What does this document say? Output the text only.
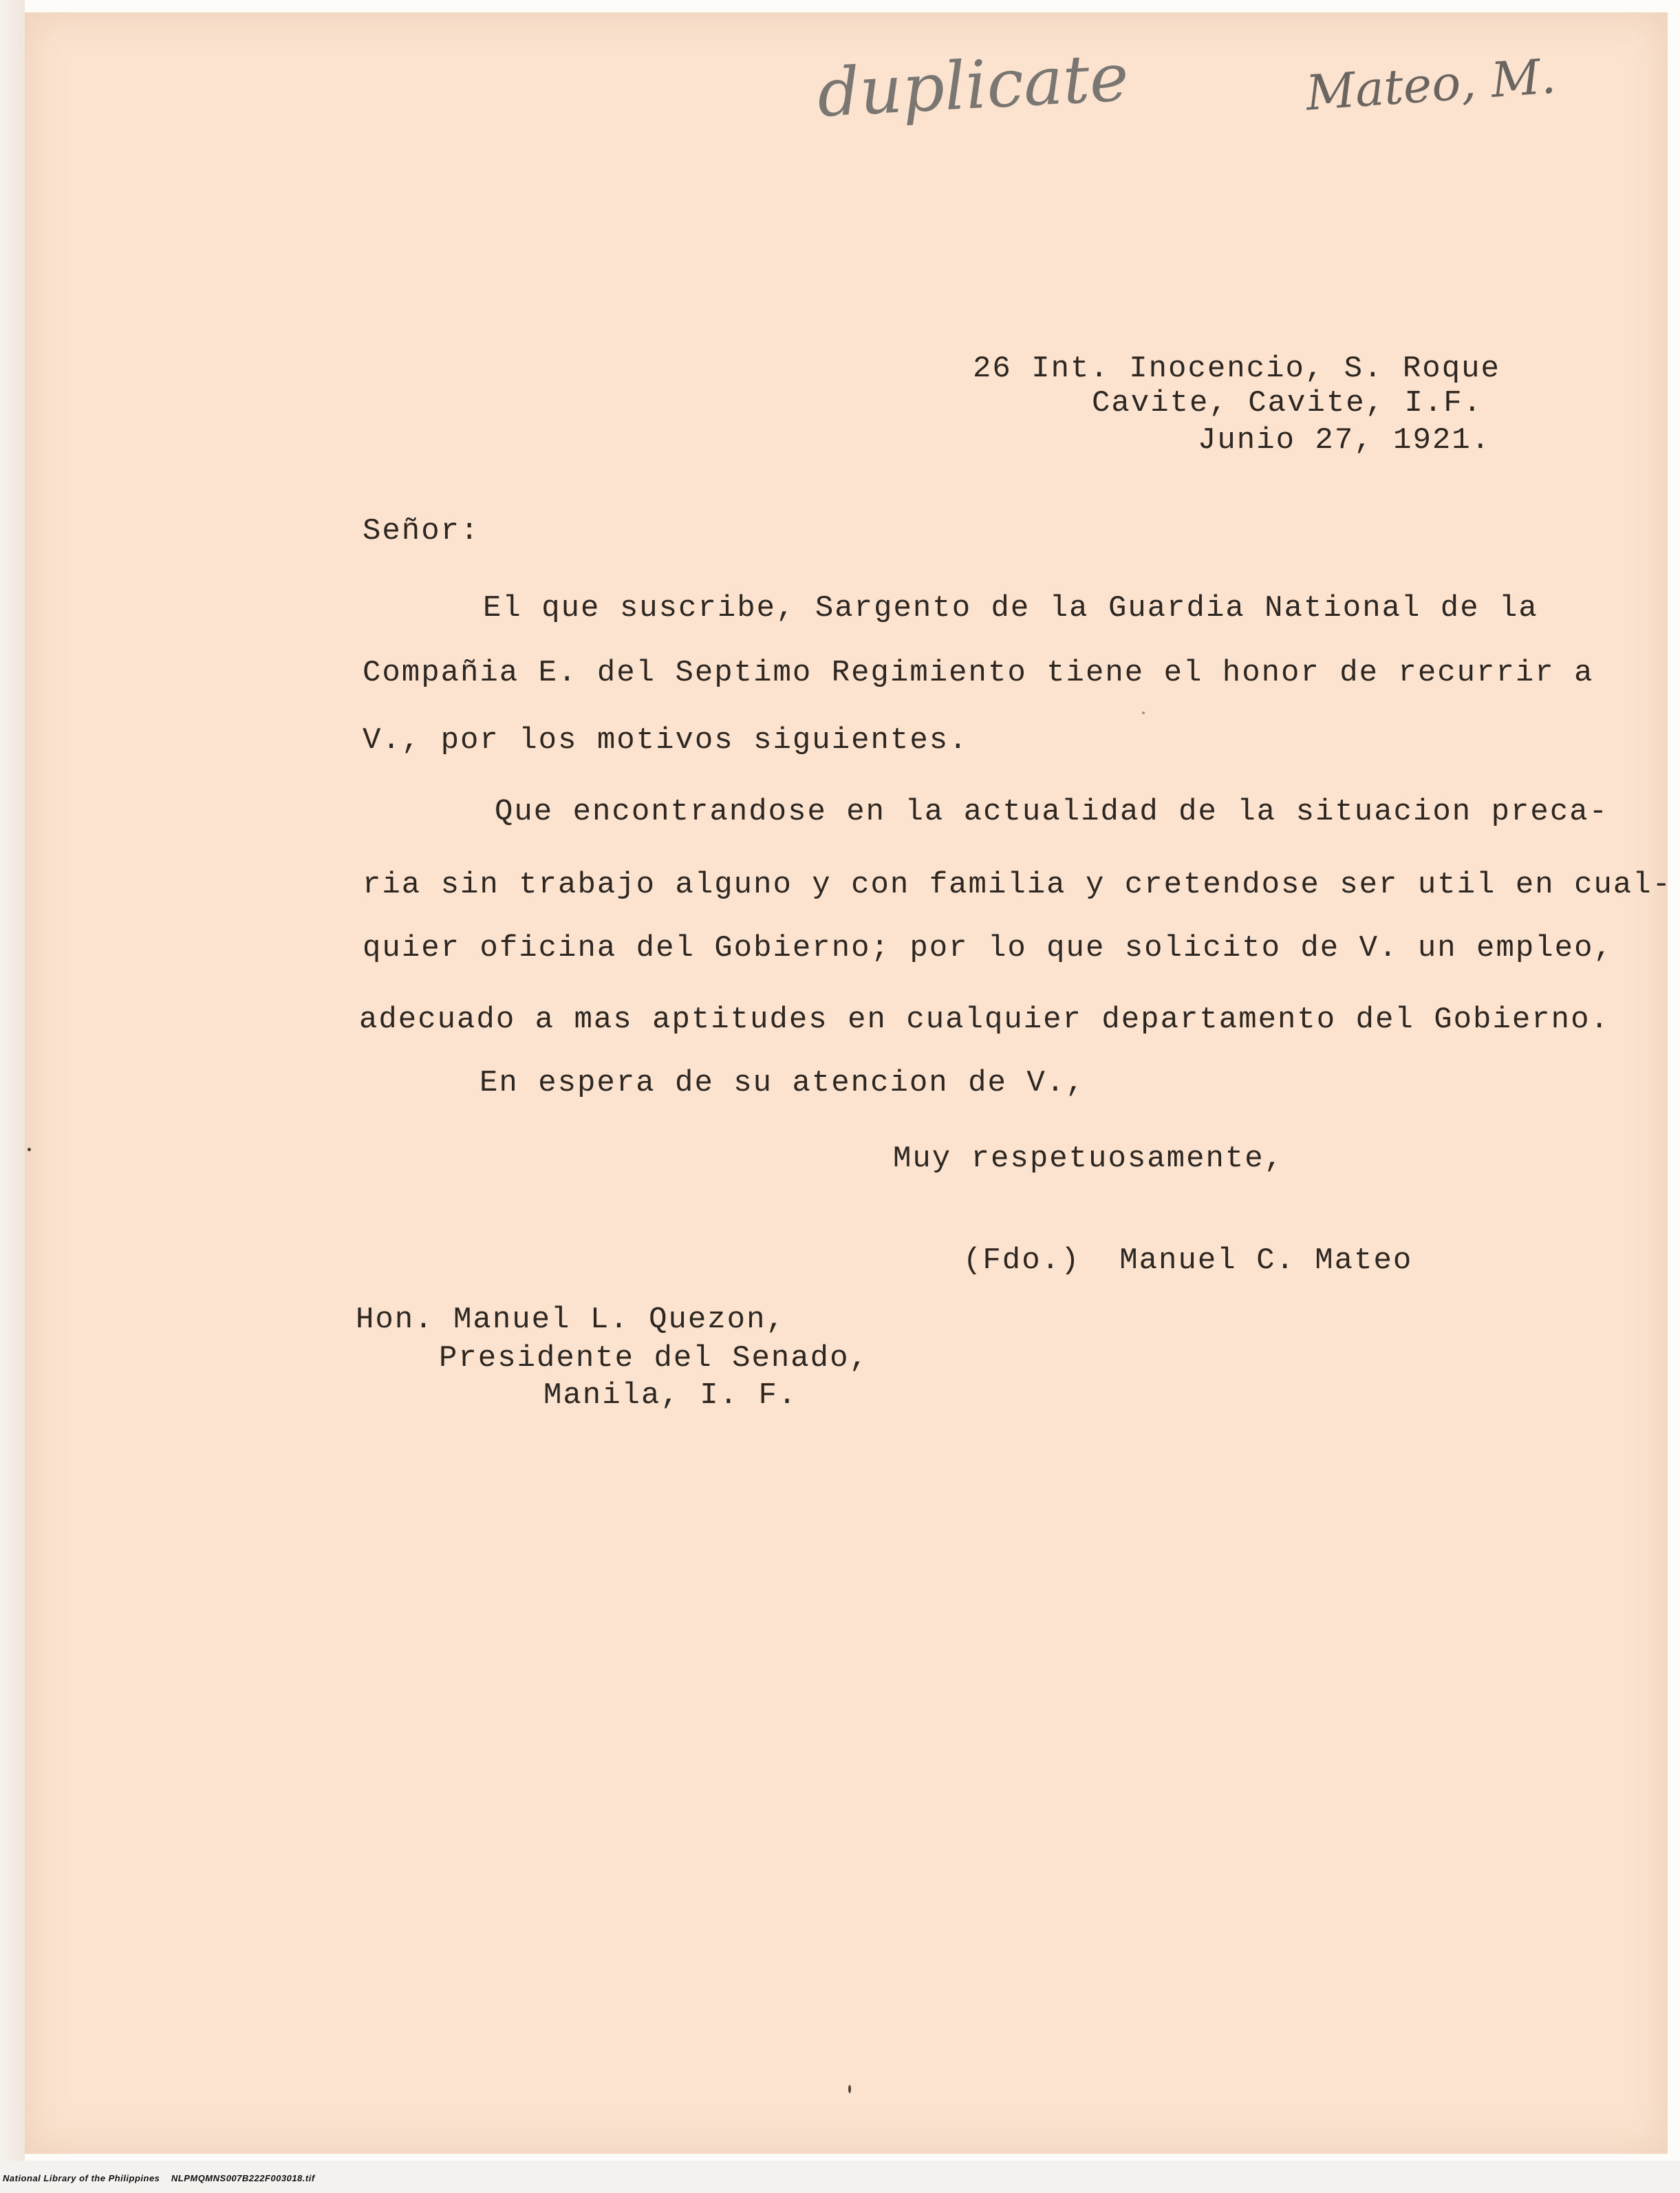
duplicate	Mateo, M.
26 Int. Inocencio, S. Roque
Cavite, Cavite, I.F.
Junio 27, 1921.
Señor:
El que suscribe, Sargento de la Guardia National de la
Compañia E. del Septimo Regimiento tiene el honor de recurrir a
V., por los motivos siguientes.
Que encontrandose en la actualidad de la situacion preca-
ria sin trabajo alguno y con familia y cretendose ser util en cual-
quier oficina del Gobierno; por lo que solicito de V. un empleo,
adecuado a mas aptitudes en cualquier departamento del Gobierno.
En espera de su atencion de V.,
Muy respetuosamente,
(Fdo.)  Manuel C. Mateo
Hon. Manuel L. Quezon,
Presidente del Senado,
Manila, I. F.
National Library of the Philippines    NLPMQMNS007B222F003018.tif
